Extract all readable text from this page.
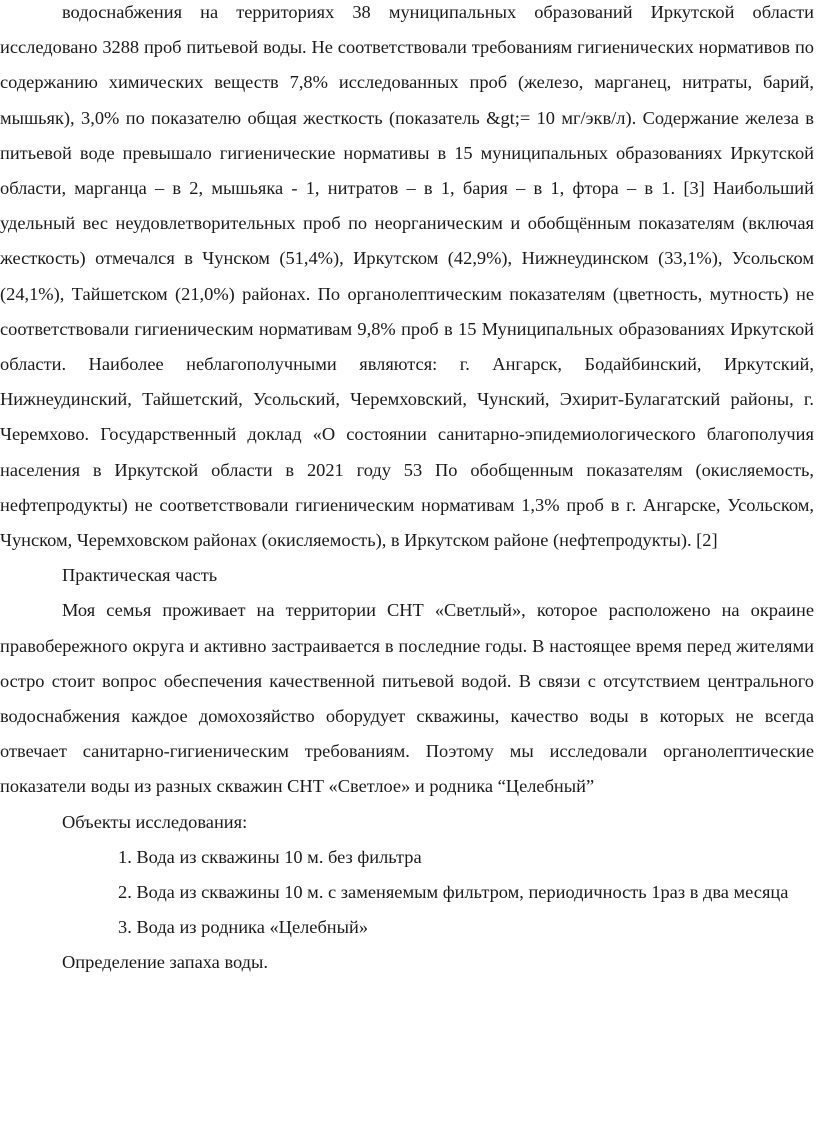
водоснабжения на территориях 38 муниципальных образований Иркутской области исследовано 3288 проб питьевой воды. Не соответствовали требованиям гигиенических нормативов по содержанию химических веществ 7,8% исследованных проб (железо, марганец, нитраты, барий, мышьяк), 3,0% по показателю общая жесткость (показатель &gt;= 10 мг/экв/л). Содержание железа в питьевой воде превышало гигиенические нормативы в 15 муниципальных образованиях Иркутской области, марганца – в 2, мышьяка - 1, нитратов – в 1, бария – в 1, фтора – в 1. [3] Наибольший удельный вес неудовлетворительных проб по неорганическим и обобщённым показателям (включая жесткость) отмечался в Чунском (51,4%), Иркутском (42,9%), Нижнеудинском (33,1%), Усольском (24,1%), Тайшетском (21,0%) районах. По органолептическим показателям (цветность, мутность) не соответствовали гигиеническим нормативам 9,8% проб в 15 Муниципальных образованиях Иркутской области. Наиболее неблагополучными являются: г. Ангарск, Бодайбинский, Иркутский, Нижнеудинский, Тайшетский, Усольский, Черемховский, Чунский, Эхирит-Булагатский районы, г. Черемхово. Государственный доклад «О состоянии санитарно-эпидемиологического благополучия населения в Иркутской области в 2021 году 53 По обобщенным показателям (окисляемость, нефтепродукты) не соответствовали гигиеническим нормативам 1,3% проб в г. Ангарске, Усольском, Чунском, Черемховском районах (окисляемость), в Иркутском районе (нефтепродукты). [2]

Практическая часть

Моя семья проживает на территории СНТ «Светлый», которое расположено на окраине правобережного округа и активно застраивается в последние годы. В настоящее время перед жителями остро стоит вопрос обеспечения качественной питьевой водой. В связи с отсутствием центрального водоснабжения каждое домохозяйство оборудует скважины, качество воды в которых не всегда отвечает санитарно-гигиеническим требованиям. Поэтому мы исследовали органолептические показатели воды из разных скважин СНТ «Светлое» и родника “Целебный”

Объекты исследования:

1. Вода из скважины 10 м. без фильтра

2. Вода из скважины 10 м. с заменяемым фильтром, периодичность 1раз в два месяца

3. Вода из родника «Целебный»

Определение запаха воды.
